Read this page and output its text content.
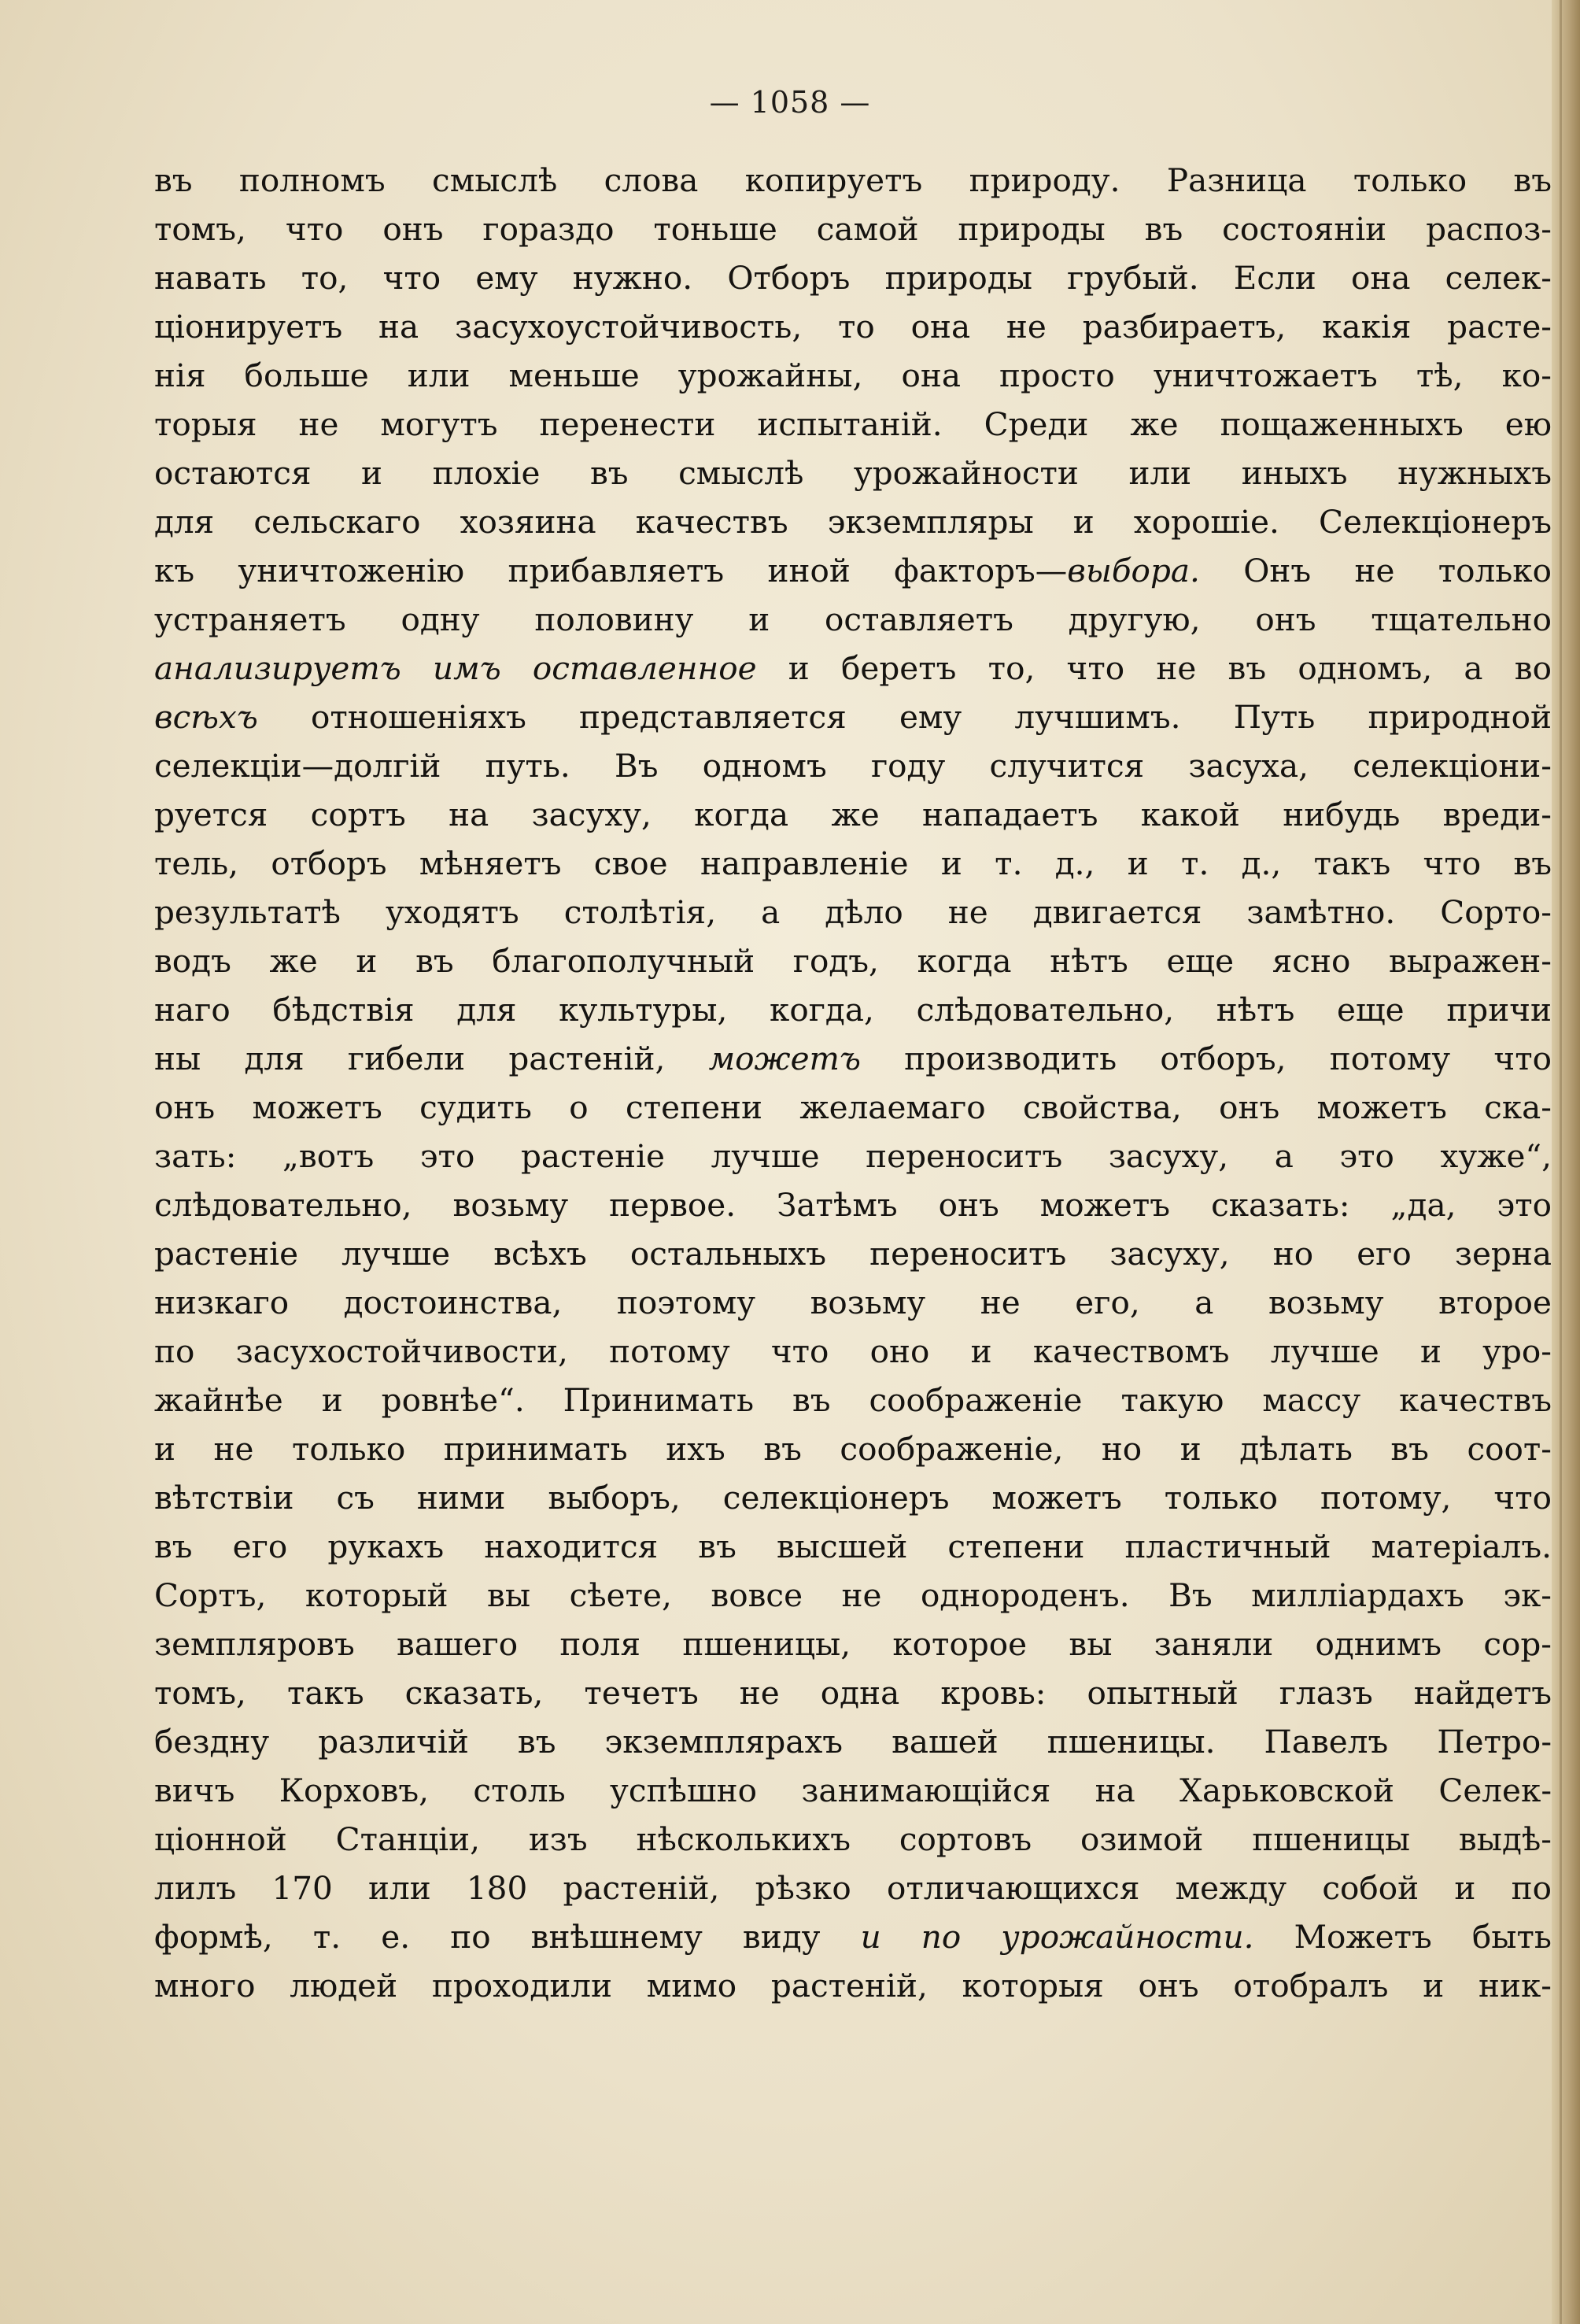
— 1058 —
въ полномъ смыслѣ слова копируетъ природу. Разница только въ
томъ, что онъ гораздо тоньше самой природы въ состояніи распоз-
навать то, что ему нужно. Отборъ природы грубый. Если она селек-
ціонируетъ на засухоустойчивость, то она не разбираетъ, какія расте-
нія больше или меньше урожайны, она просто уничтожаетъ тѣ, ко-
торыя не могутъ перенести испытаній. Среди же пощаженныхъ ею
остаются и плохіе въ смыслѣ урожайности или иныхъ нужныхъ
для сельскаго хозяина качествъ экземпляры и хорошіе. Селекціонеръ
къ уничтоженію прибавляетъ иной факторъ—выбора. Онъ не только
устраняетъ одну половину и оставляетъ другую, онъ тщательно
анализируетъ имъ оставленное и беретъ то, что не въ одномъ, а во
всѣхъ отношеніяхъ представляется ему лучшимъ. Путь природной
селекціи—долгій путь. Въ одномъ году случится засуха, селекціони-
руется сортъ на засуху, когда же нападаетъ какой нибудь вреди-
тель, отборъ мѣняетъ свое направленіе и т. д., и т. д., такъ что въ
результатѣ уходятъ столѣтія, а дѣло не двигается замѣтно. Сорто-
водъ же и въ благополучный годъ, когда нѣтъ еще ясно выражен-
наго бѣдствія для культуры, когда, слѣдовательно, нѣтъ еще причи
ны для гибели растеній, можетъ производить отборъ, потому что
онъ можетъ судить о степени желаемаго свойства, онъ можетъ ска-
зать: „вотъ это растеніе лучше переноситъ засуху, а это хуже“,
слѣдовательно, возьму первое. Затѣмъ онъ можетъ сказать: „да, это
растеніе лучше всѣхъ остальныхъ переноситъ засуху, но его зерна
низкаго достоинства, поэтому возьму не его, а возьму второе
по засухостойчивости, потому что оно и качествомъ лучше и уро-
жайнѣе и ровнѣе“. Принимать въ соображеніе такую массу качествъ
и не только принимать ихъ въ соображеніе, но и дѣлать въ соот-
вѣтствіи съ ними выборъ, селекціонеръ можетъ только потому, что
въ его рукахъ находится въ высшей степени пластичный матеріалъ.
Сортъ, который вы сѣете, вовсе не однороденъ. Въ милліардахъ эк-
земпляровъ вашего поля пшеницы, которое вы заняли однимъ сор-
томъ, такъ сказать, течетъ не одна кровь: опытный глазъ найдетъ
бездну различій въ экземплярахъ вашей пшеницы. Павелъ Петро-
вичъ Корховъ, столь успѣшно занимающійся на Харьковской Селек-
ціонной Станціи, изъ нѣсколькихъ сортовъ озимой пшеницы выдѣ-
лилъ 170 или 180 растеній, рѣзко отличающихся между собой и по
формѣ, т. е. по внѣшнему виду и по урожайности. Можетъ быть
много людей проходили мимо растеній, которыя онъ отобралъ и ник-
